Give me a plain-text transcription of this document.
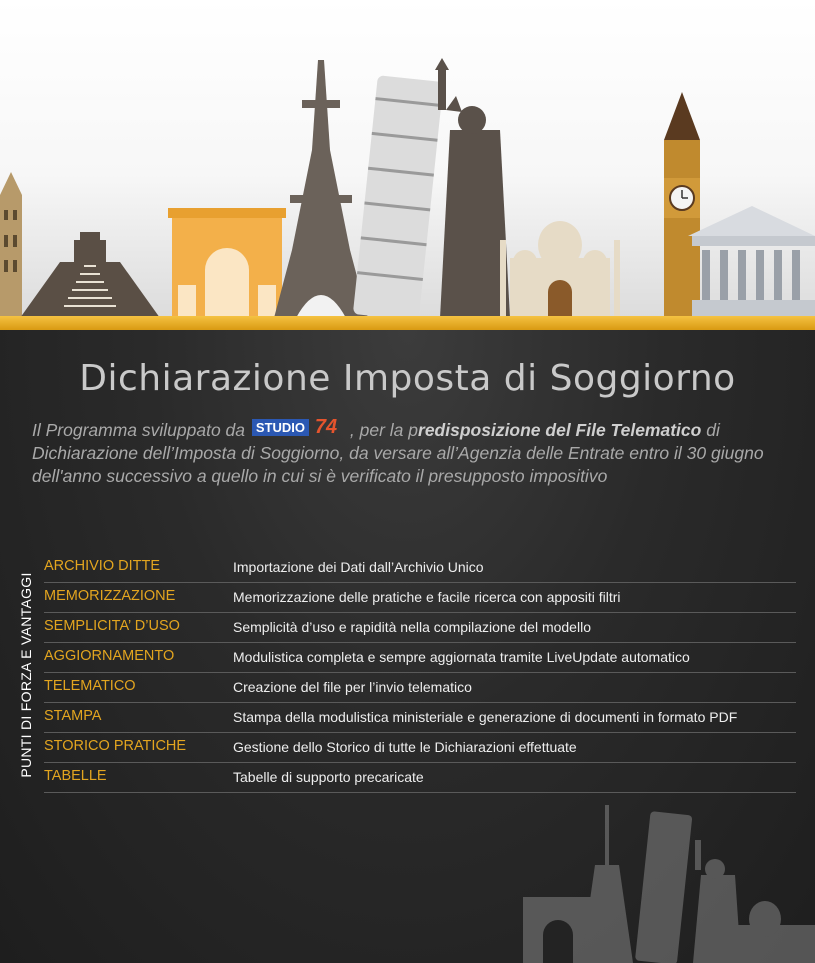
Dichiarazione Imposta di Soggiorno
Il Programma sviluppato da STUDIO 74 , per la predisposizione del File Telematico di Dichiarazione dell’Imposta di Soggiorno, da versare all’Agenzia delle Entrate entro il 30 giugno dell'anno successivo a quello in cui si è verificato il presupposto impositivo
PUNTI DI FORZA E VANTAGGI
ARCHIVIO DITTE	Importazione dei Dati dall’Archivio Unico
MEMORIZZAZIONE	Memorizzazione delle pratiche e facile ricerca con appositi filtri
SEMPLICITA’ D’USO	Semplicità d’uso e rapidità nella compilazione del modello
AGGIORNAMENTO	Modulistica completa e sempre aggiornata tramite LiveUpdate automatico
TELEMATICO	Creazione del file per l’invio telematico
STAMPA	Stampa della modulistica ministeriale e generazione di documenti in formato PDF
STORICO PRATICHE	Gestione dello Storico di tutte le Dichiarazioni effettuate
TABELLE	Tabelle di supporto precaricate
